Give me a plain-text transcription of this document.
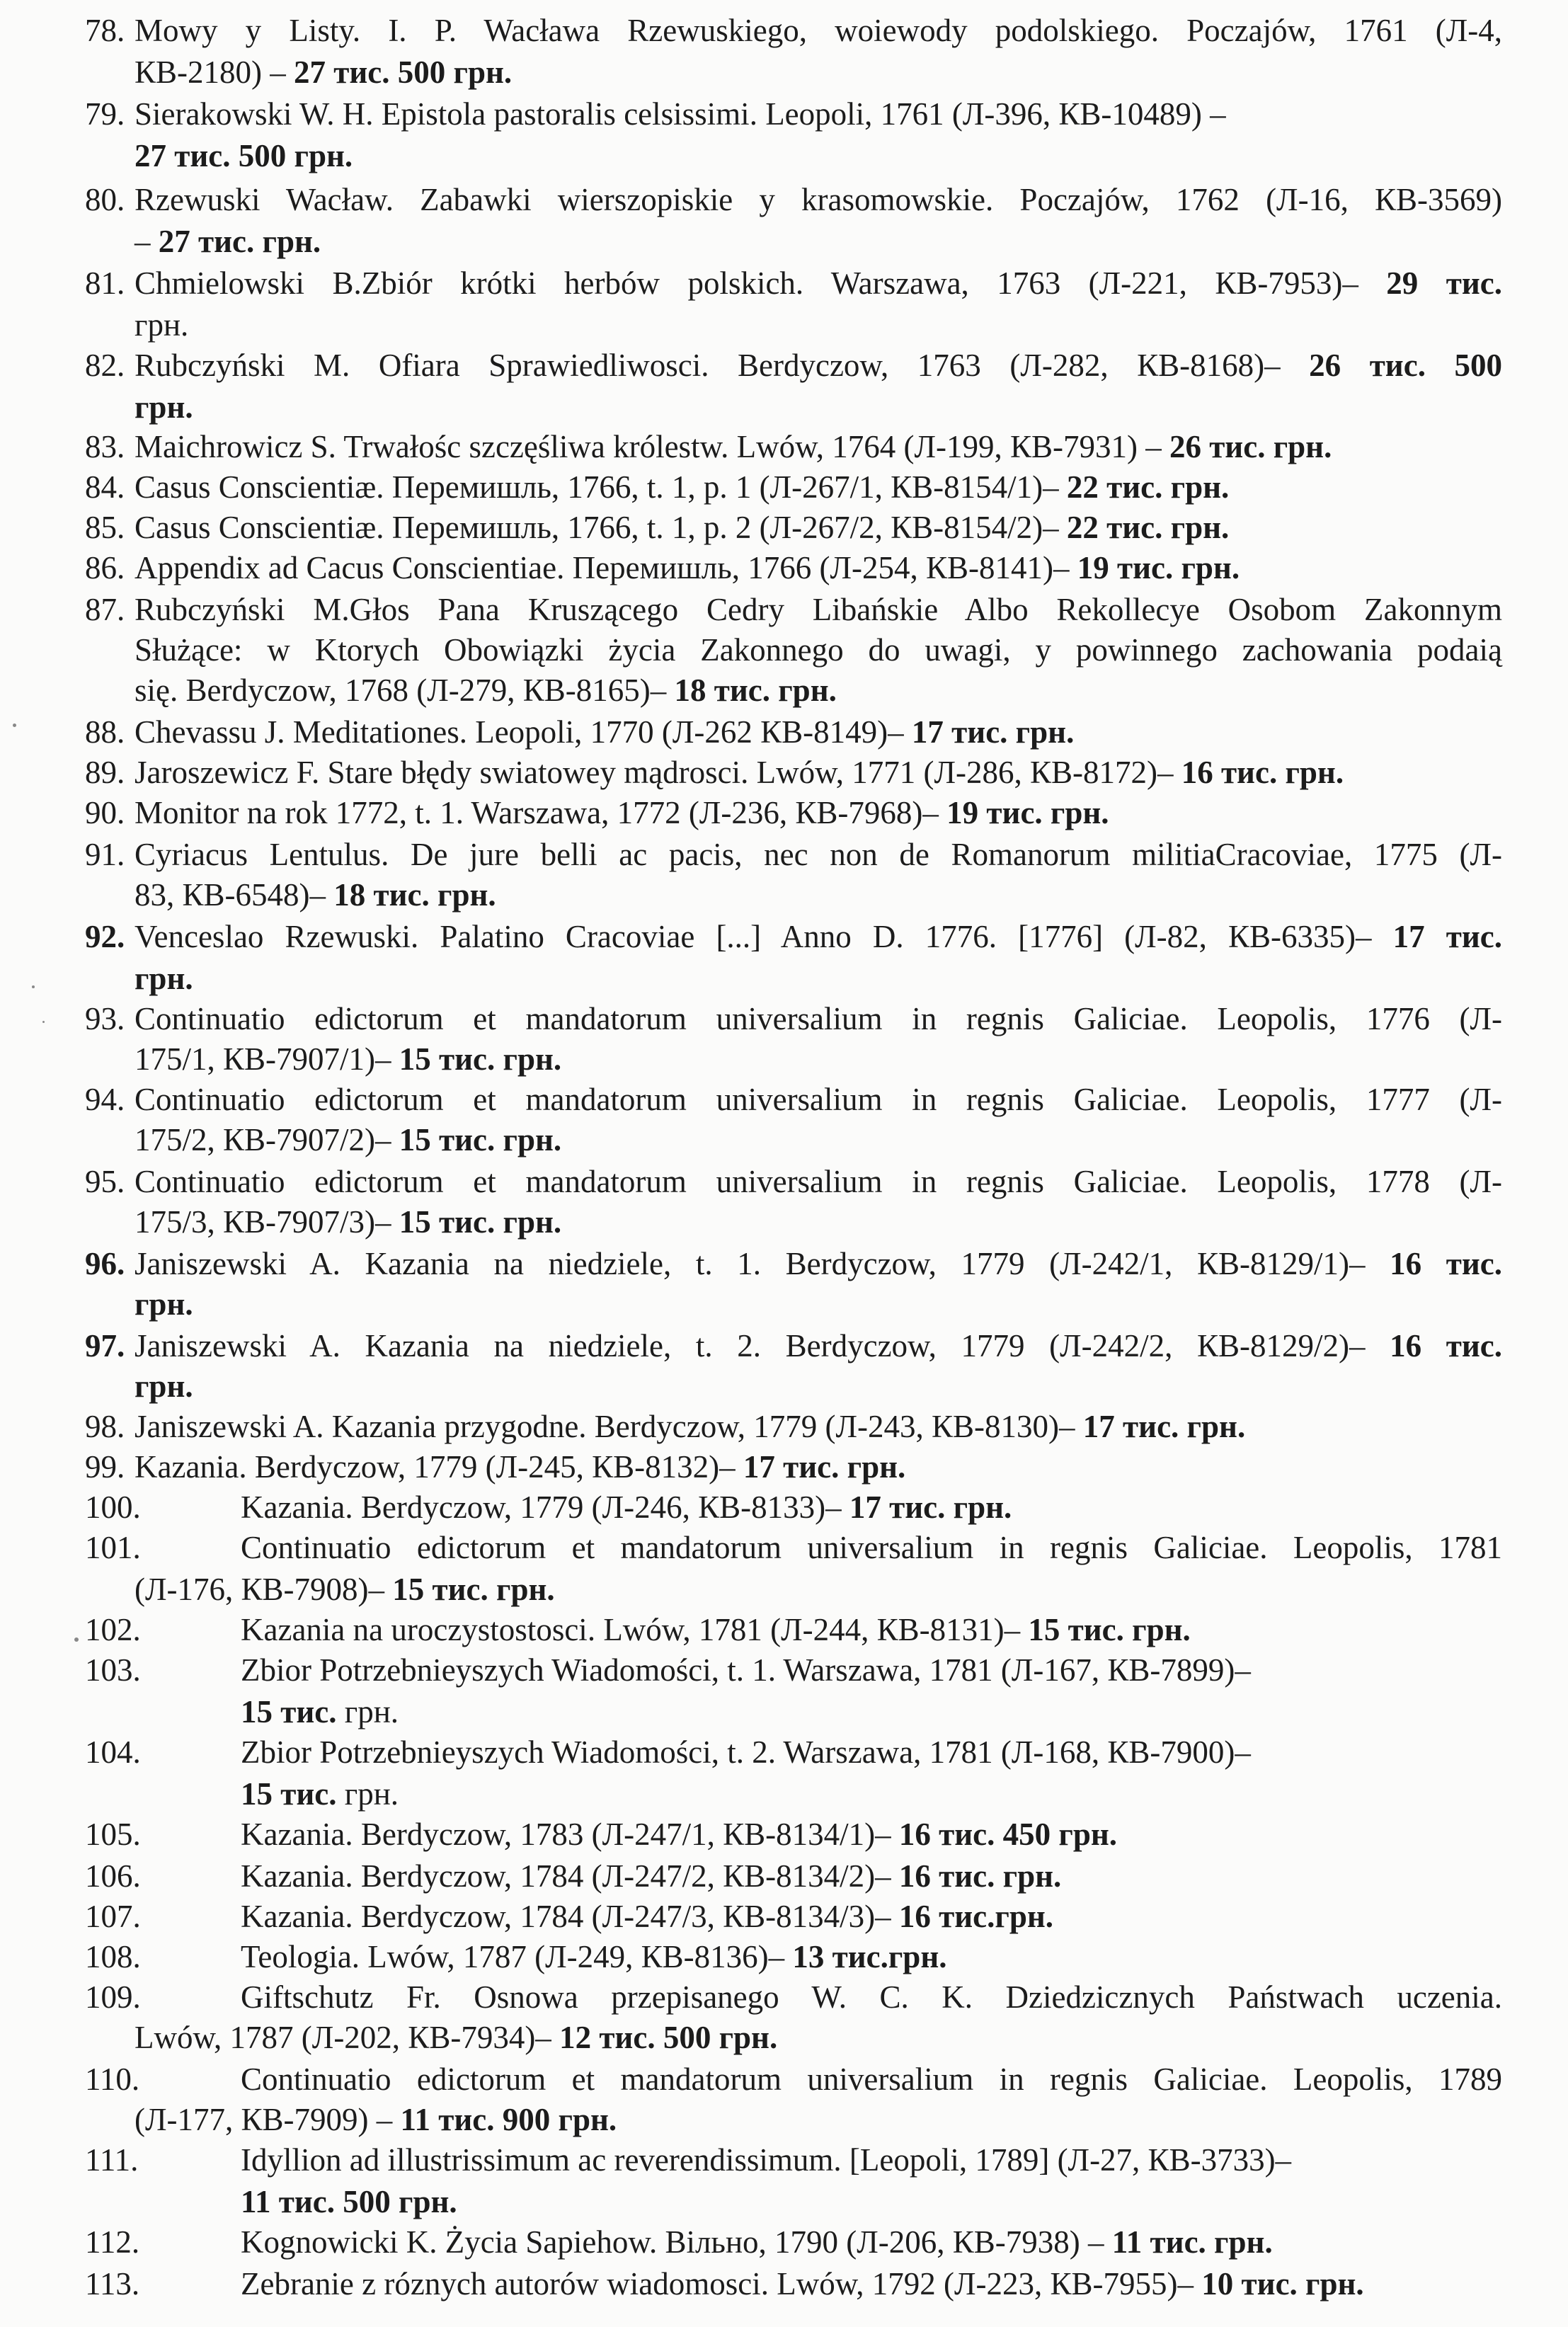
78. Mowy y Listy. I. P. Wacława Rzewuskiego, woiewody podolskiego. Poczajów, 1761 (Л-4,
КВ-2180) – 27 тис. 500 грн.
79. Sierakowski W. H. Epistola pastoralis celsissimi. Leopoli, 1761 (Л-396, КВ-10489) –
27 тис. 500 грн.
80. Rzewuski Wacław. Zabawki wierszopiskie y krasomowskie. Poczajów, 1762 (Л-16, КВ-3569)
– 27 тис. грн.
81. Chmielowski B.Zbiór krótki herbów polskich. Warszawa, 1763 (Л-221, КВ-7953)– 29 тис.
грн.
82. Rubczyński M. Ofiara Sprawiedliwosci. Berdyczow, 1763 (Л-282, КВ-8168)– 26 тис. 500
грн.
83. Maichrowicz S. Trwałośc szczęśliwa królestw. Lwów, 1764 (Л-199, КВ-7931) – 26 тис. грн.
84. Casus Conscientiæ. Перемишль, 1766, t. 1, p. 1 (Л-267/1, КВ-8154/1)– 22 тис. грн.
85. Casus Conscientiæ. Перемишль, 1766, t. 1, p. 2 (Л-267/2, КВ-8154/2)– 22 тис. грн.
86. Appendix ad Cacus Conscientiae. Перемишль, 1766 (Л-254, КВ-8141)– 19 тис. грн.
87. Rubczyński M.Głos Pana Kruszącego Cedry Libańskie Albo Rekollecye Osobom Zakonnym
Służące: w Ktorych Obowiązki życia Zakonnego do uwagi, y powinnego zachowania podaią
się. Berdyczow, 1768 (Л-279, КВ-8165)– 18 тис. грн.
88. Chevassu J. Meditationes. Leopoli, 1770 (Л-262 КВ-8149)– 17 тис. грн.
89. Jaroszewicz F. Stare błędy swiatowey mądrosci. Lwów, 1771 (Л-286, КВ-8172)– 16 тис. грн.
90. Monitor na rok 1772, t. 1. Warszawa, 1772 (Л-236, КВ-7968)– 19 тис. грн.
91. Cyriacus Lentulus. De jure belli ac pacis, nec non de Romanorum militiaCracoviae, 1775 (Л-
83, КВ-6548)– 18 тис. грн.
92. Venceslao Rzewuski. Palatino Cracoviae [...] Anno D. 1776. [1776] (Л-82, КВ-6335)– 17 тис.
грн.
93. Continuatio edictorum et mandatorum universalium in regnis Galiciae. Leopolis, 1776 (Л-
175/1, КВ-7907/1)– 15 тис. грн.
94. Continuatio edictorum et mandatorum universalium in regnis Galiciae. Leopolis, 1777 (Л-
175/2, КВ-7907/2)– 15 тис. грн.
95. Continuatio edictorum et mandatorum universalium in regnis Galiciae. Leopolis, 1778 (Л-
175/3, КВ-7907/3)– 15 тис. грн.
96. Janiszewski A. Kazania na niedziele, t. 1. Berdyczow, 1779 (Л-242/1, КВ-8129/1)– 16 тис.
грн.
97. Janiszewski A. Kazania na niedziele, t. 2. Berdyczow, 1779 (Л-242/2, КВ-8129/2)– 16 тис.
грн.
98. Janiszewski A. Kazania przygodne. Berdyczow, 1779 (Л-243, КВ-8130)– 17 тис. грн.
99. Kazania. Berdyczow, 1779 (Л-245, КВ-8132)– 17 тис. грн.
100.	Kazania. Berdyczow, 1779 (Л-246, КВ-8133)– 17 тис. грн.
101.	Continuatio edictorum et mandatorum universalium in regnis Galiciae. Leopolis, 1781
(Л-176, КВ-7908)– 15 тис. грн.
102.	Kazania na uroczystostosci. Lwów, 1781 (Л-244, КВ-8131)– 15 тис. грн.
103.	Zbior Potrzebnieyszych Wiadomości, t. 1. Warszawa, 1781 (Л-167, КВ-7899)–
15 тис. грн.
104.	Zbior Potrzebnieyszych Wiadomości, t. 2. Warszawa, 1781 (Л-168, КВ-7900)–
15 тис. грн.
105.	Kazania. Berdyczow, 1783 (Л-247/1, КВ-8134/1)– 16 тис. 450 грн.
106.	Kazania. Berdyczow, 1784 (Л-247/2, КВ-8134/2)– 16 тис. грн.
107.	Kazania. Berdyczow, 1784 (Л-247/3, КВ-8134/3)– 16 тис.грн.
108.	Teologia. Lwów, 1787 (Л-249, КВ-8136)– 13 тис.грн.
109.	Giftschutz Fr. Osnowa przepisanego W. C. K. Dziedzicznych Państwach uczenia.
Lwów, 1787 (Л-202, КВ-7934)– 12 тис. 500 грн.
110.	Continuatio edictorum et mandatorum universalium in regnis Galiciae. Leopolis, 1789
(Л-177, КВ-7909) – 11 тис. 900 грн.
111.	Idyllion ad illustrissimum ac reverendissimum. [Leopoli, 1789] (Л-27, КВ-3733)–
11 тис. 500 грн.
112.	Kognowicki K. Życia Sapiehow. Вільно, 1790 (Л-206, КВ-7938) – 11 тис. грн.
113.	Zebranie z róznych autorów wiadomosci. Lwów, 1792 (Л-223, КВ-7955)– 10 тис. грн.
